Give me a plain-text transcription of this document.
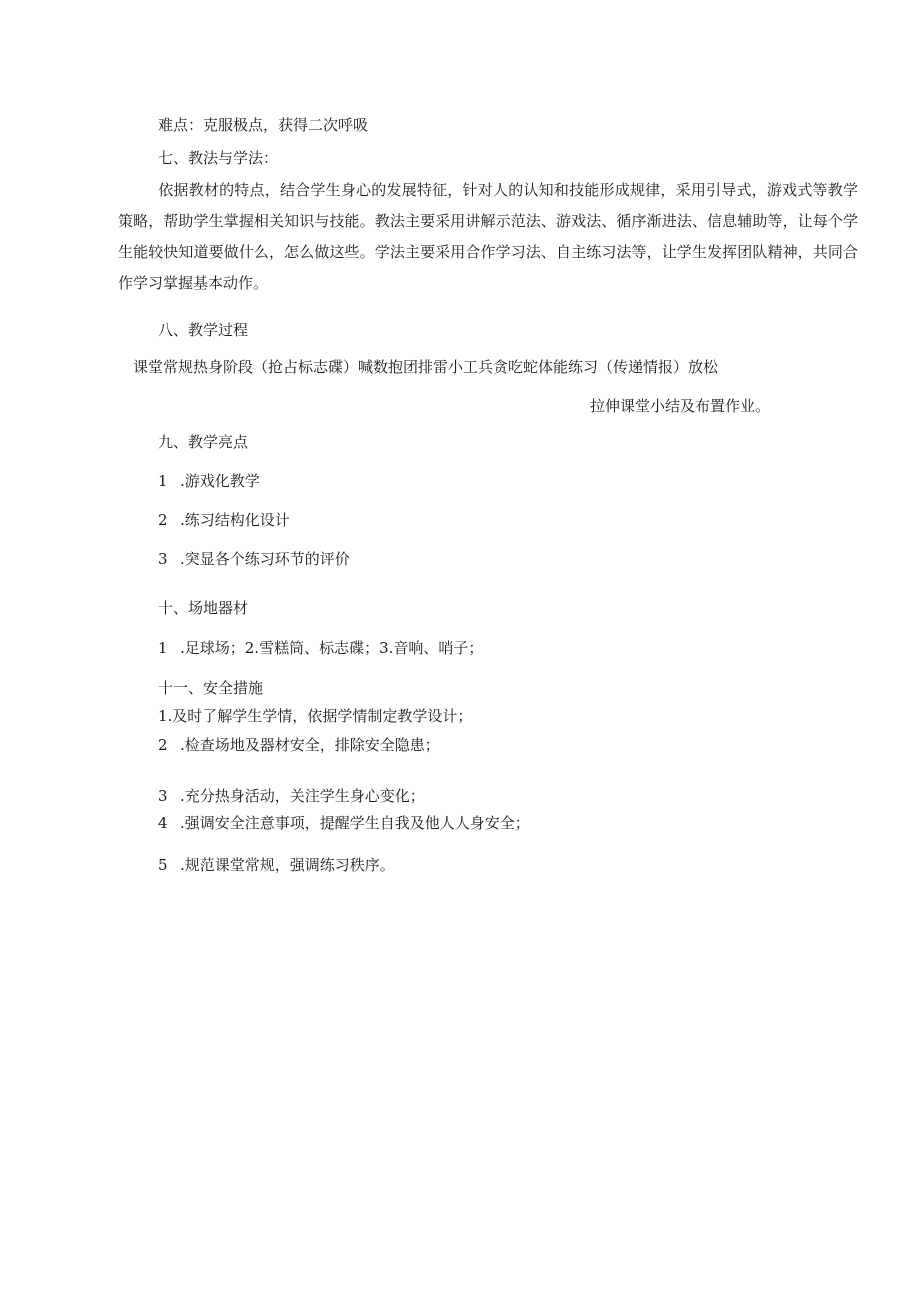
难点：克服极点，获得二次呼吸
七、教法与学法：
依据教材的特点，结合学生身心的发展特征，针对人的认知和技能形成规律，采用引导式，游戏式等教学策略，帮助学生掌握相关知识与技能。教法主要采用讲解示范法、游戏法、循序渐进法、信息辅助等，让每个学生能较快知道要做什么，怎么做这些。学法主要采用合作学习法、自主练习法等，让学生发挥团队精神，共同合作学习掌握基本动作。
八、教学过程
课堂常规热身阶段（抢占标志碟）喊数抱团排雷小工兵贪吃蛇体能练习（传递情报）放松
拉伸课堂小结及布置作业。
九、教学亮点
1 .游戏化教学
2 .练习结构化设计
3 .突显各个练习环节的评价
十、场地器材
1 .足球场；2.雪糕筒、标志碟；3.音响、哨子；
十一、安全措施
1.及时了解学生学情，依据学情制定教学设计；
2 .检查场地及器材安全，排除安全隐患；
3 .充分热身活动，关注学生身心变化；
4 .强调安全注意事项，提醒学生自我及他人人身安全；
5 .规范课堂常规，强调练习秩序。
